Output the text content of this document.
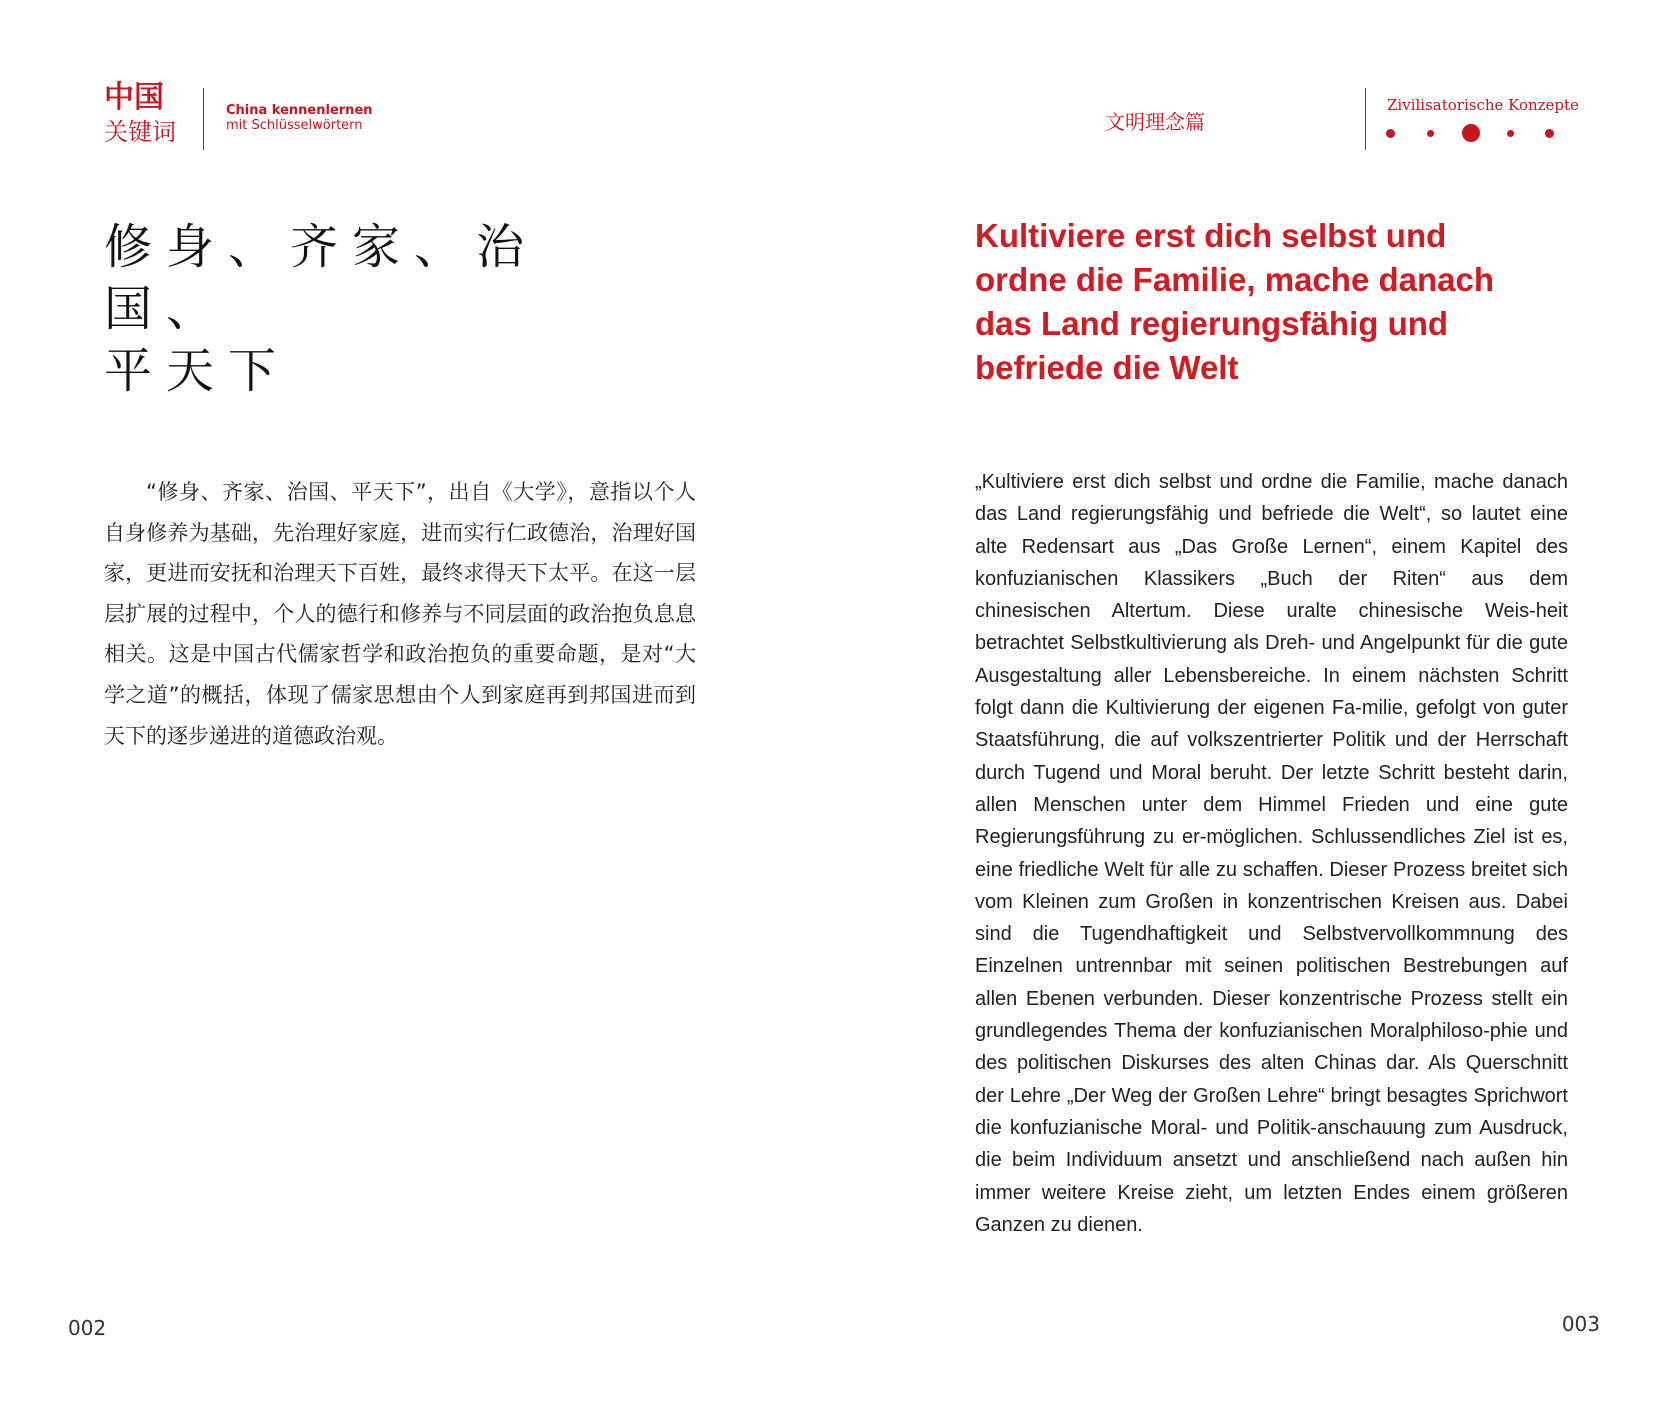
中国
关键词
China kennenlernen
mit Schlüsselwörtern
修身、齐家、治国、
平天下

“修身、齐家、治国、平天下”，出自《大学》，意指以个人自身修养为基础，先治理好家庭，进而实行仁政德治，治理好国家，更进而安抚和治理天下百姓，最终求得天下太平。在这一层层扩展的过程中，个人的德行和修养与不同层面的政治抱负息息相关。这是中国古代儒家哲学和政治抱负的重要命题，是对“大学之道”的概括，体现了儒家思想由个人到家庭再到邦国进而到天下的逐步递进的道德政治观。

002
文明理念篇
Zivilisatorische Konzepte
Kultiviere erst dich selbst und
ordne die Familie, mache danach
das Land regierungsfähig und
befriede die Welt

„Kultiviere erst dich selbst und ordne die Familie, mache danach das Land regierungsfähig und befriede die Welt“, so lautet eine alte Redensart aus „Das Große Lernen“, einem Kapitel des konfuzianischen Klassikers „Buch der Riten“ aus dem chinesischen Altertum. Diese uralte chinesische Weis-heit betrachtet Selbstkultivierung als Dreh- und Angelpunkt für die gute Ausgestaltung aller Lebensbereiche. In einem nächsten Schritt folgt dann die Kultivierung der eigenen Fa-milie, gefolgt von guter Staatsführung, die auf volkszentrierter Politik und der Herrschaft durch Tugend und Moral beruht. Der letzte Schritt besteht darin, allen Menschen unter dem Himmel Frieden und eine gute Regierungsführung zu er-möglichen. Schlussendliches Ziel ist es, eine friedliche Welt für alle zu schaffen. Dieser Prozess breitet sich vom Kleinen zum Großen in konzentrischen Kreisen aus. Dabei sind die Tugendhaftigkeit und Selbstvervollkommnung des Einzelnen untrennbar mit seinen politischen Bestrebungen auf allen Ebenen verbunden. Dieser konzentrische Prozess stellt ein grundlegendes Thema der konfuzianischen Moralphiloso-phie und des politischen Diskurses des alten Chinas dar. Als Querschnitt der Lehre „Der Weg der Großen Lehre“ bringt besagtes Sprichwort die konfuzianische Moral- und Politik-anschauung zum Ausdruck, die beim Individuum ansetzt und anschließend nach außen hin immer weitere Kreise zieht, um letzten Endes einem größeren Ganzen zu dienen.

003
